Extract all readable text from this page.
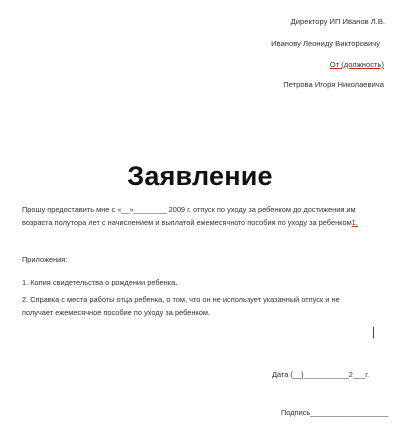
Директору ИП Иванов Л.В.
Иванову Леониду Викторовичу
От (должность)
Петрова Игоря Николаевича
Заявление
Прошу предоставить мне с «__»________ 2009 г. отпуск по уходу за ребенком до достижения им
возраста полутора лет с начислением и выплатой ежемесячного пособия по уходу за ребенком1.
Приложения:
1. Копия свидетельства о рождении ребенка.
2. Справка с места работы отца ребенка, о том, что он не использует указанный отпуск и не
получает ежемесячное пособие по уходу за ребенком.
Дата (__)___________2___г.
Подпись___________________
